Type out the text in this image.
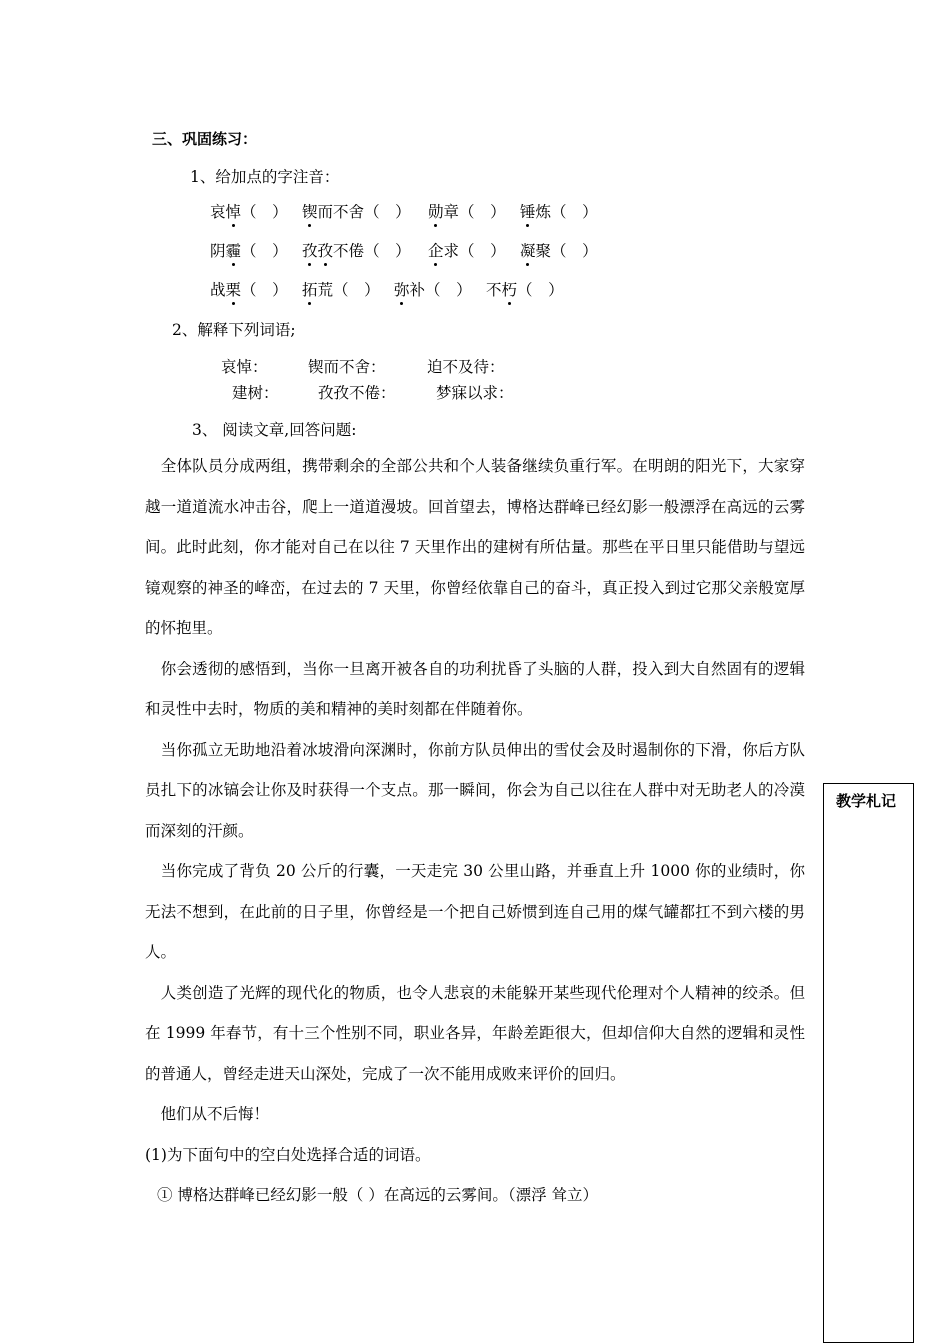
三、巩固练习：
1、给加点的字注音：
哀悼（　 ） 锲而不舍（　 ） 勋章（　 ） 锤炼（　 ）
阴霾（　 ） 孜孜不倦（　 ） 企求（　 ） 凝聚（　 ）
战栗（　 ） 拓荒（　 ） 弥补（　 ） 不朽（　 ）
2、解释下列词语;
哀悼：	锲而不舍：	迫不及待：
建树：	孜孜不倦：	梦寐以求：
3、 阅读文章,回答问题:

　全体队员分成两组，携带剩余的全部公共和个人装备继续负重行军。在明朗的阳光下，大家穿越一道道流水冲击谷，爬上一道道漫坡。回首望去，博格达群峰已经幻影一般漂浮在高远的云雾间。此时此刻，你才能对自己在以往 7 天里作出的建树有所估量。那些在平日里只能借助与望远镜观察的神圣的峰峦，在过去的 7 天里，你曾经依靠自己的奋斗，真正投入到过它那父亲般宽厚的怀抱里。

　你会透彻的感悟到，当你一旦离开被各自的功利扰昏了头脑的人群，投入到大自然固有的逻辑和灵性中去时，物质的美和精神的美时刻都在伴随着你。

　当你孤立无助地沿着冰坡滑向深渊时，你前方队员伸出的雪仗会及时遏制你的下滑，你后方队员扎下的冰镐会让你及时获得一个支点。那一瞬间，你会为自己以往在人群中对无助老人的冷漠而深刻的汗颜。

　当你完成了背负 20 公斤的行囊，一天走完 30 公里山路，并垂直上升 1000 你的业绩时，你无法不想到，在此前的日子里，你曾经是一个把自己娇惯到连自己用的煤气罐都扛不到六楼的男人。

　人类创造了光辉的现代化的物质，也令人悲哀的未能躲开某些现代伦理对个人精神的绞杀。但在 1999 年春节，有十三个性别不同，职业各异，年龄差距很大，但却信仰大自然的逻辑和灵性的普通人，曾经走进天山深处，完成了一次不能用成败来评价的回归。

　他们从不后悔！

(1)为下面句中的空白处选择合适的词语。

① 博格达群峰已经幻影一般（ ）在高远的云雾间。（漂浮 耸立）

教学札记
